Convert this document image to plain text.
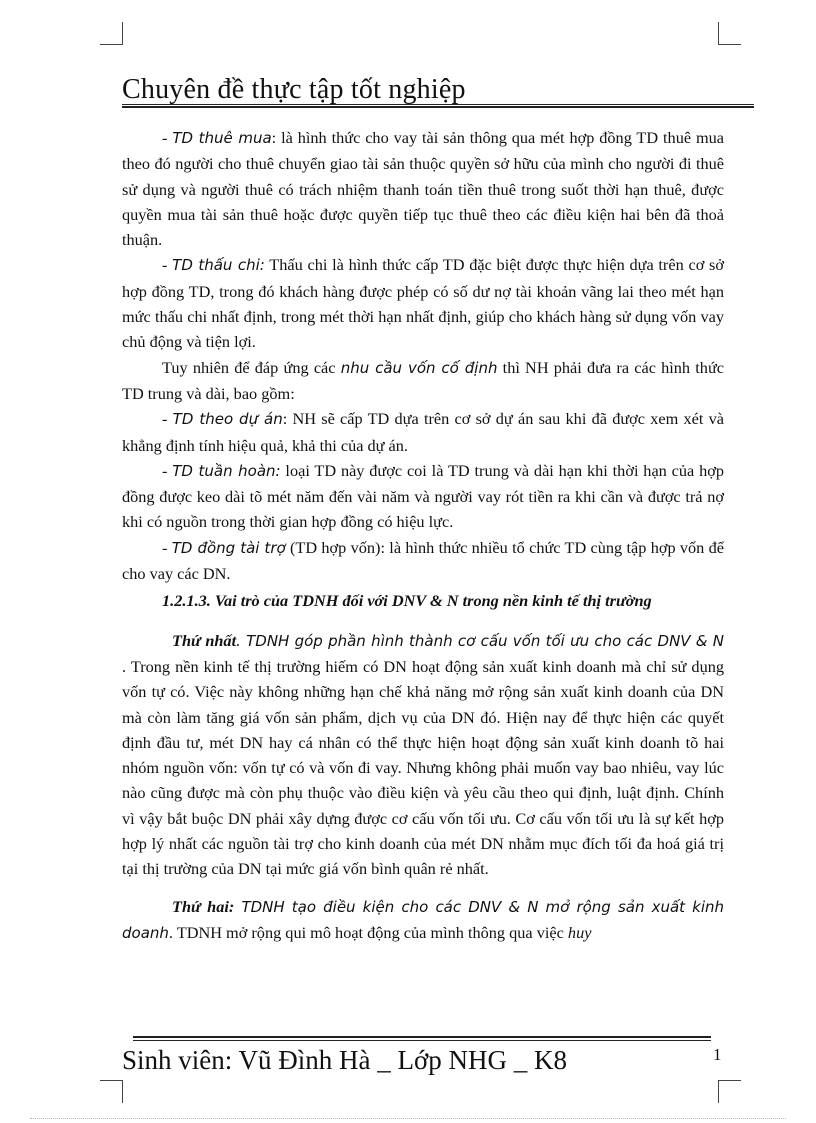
Chuyên đề thực tập tốt nghiệp

- TD thuê mua: là hình thức cho vay tài sản thông qua mét hợp đồng TD thuê mua theo đó người cho thuê chuyển giao tài sản thuộc quyền sở hữu của mình cho người đi thuê sử dụng và người thuê có trách nhiệm thanh toán tiền thuê trong suốt thời hạn thuê, được quyền mua tài sản thuê hoặc được quyền tiếp tục thuê theo các điều kiện hai bên đã thoả thuận.

- TD thấu chi: Thấu chi là hình thức cấp TD đặc biệt được thực hiện dựa trên cơ sở hợp đồng TD, trong đó khách hàng được phép có số dư nợ tài khoản vãng lai theo mét hạn mức thấu chi nhất định, trong mét thời hạn nhất định, giúp cho khách hàng sử dụng vốn vay chủ động và tiện lợi.

Tuy nhiên để đáp ứng các nhu cầu vốn cố định thì NH phải đưa ra các hình thức TD trung và dài, bao gồm:

- TD theo dự án: NH sẽ cấp TD dựa trên cơ sở dự án sau khi đã được xem xét và khẳng định tính hiệu quả, khả thi của dự án.

- TD tuần hoàn: loại TD này được coi là TD trung và dài hạn khi thời hạn của hợp đồng được keo dài tõ mét năm đến vài năm và người vay rót tiền ra khi cần và được trả nợ khi có nguồn trong thời gian hợp đồng có hiệu lực.

- TD đồng tài trợ (TD hợp vốn): là hình thức nhiều tổ chức TD cùng tập hợp vốn để cho vay các DN.

1.2.1.3. Vai trò của TDNH đối với DNV & N trong nền kinh tế thị trường

Thứ nhất. TDNH góp phần hình thành cơ cấu vốn tối ưu cho các DNV & N . Trong nền kinh tế thị trường hiếm có DN hoạt động sản xuất kinh doanh mà chỉ sử dụng vốn tự có. Việc này không những hạn chế khả năng mở rộng sản xuất kinh doanh của DN mà còn làm tăng giá vốn sản phẩm, dịch vụ của DN đó. Hiện nay để thực hiện các quyết định đầu tư, mét DN hay cá nhân có thể thực hiện hoạt động sản xuất kinh doanh tõ hai nhóm nguồn vốn: vốn tự có và vốn đi vay. Nhưng không phải muốn vay bao nhiêu, vay lúc nào cũng được mà còn phụ thuộc vào điều kiện và yêu cầu theo qui định, luật định. Chính vì vậy bắt buộc DN phải xây dựng được cơ cấu vốn tối ưu. Cơ cấu vốn tối ưu là sự kết hợp hợp lý nhất các nguồn tài trợ cho kinh doanh của mét DN nhằm mục đích tối đa hoá giá trị tại thị trường của DN tại mức giá vốn bình quân rẻ nhất.

Thứ hai: TDNH tạo điều kiện cho các DNV & N mở rộng sản xuất kinh doanh. TDNH mở rộng qui mô hoạt động của mình thông qua việc huy

Sinh viên: Vũ Đình Hà _ Lớp NHG _ K8	1
